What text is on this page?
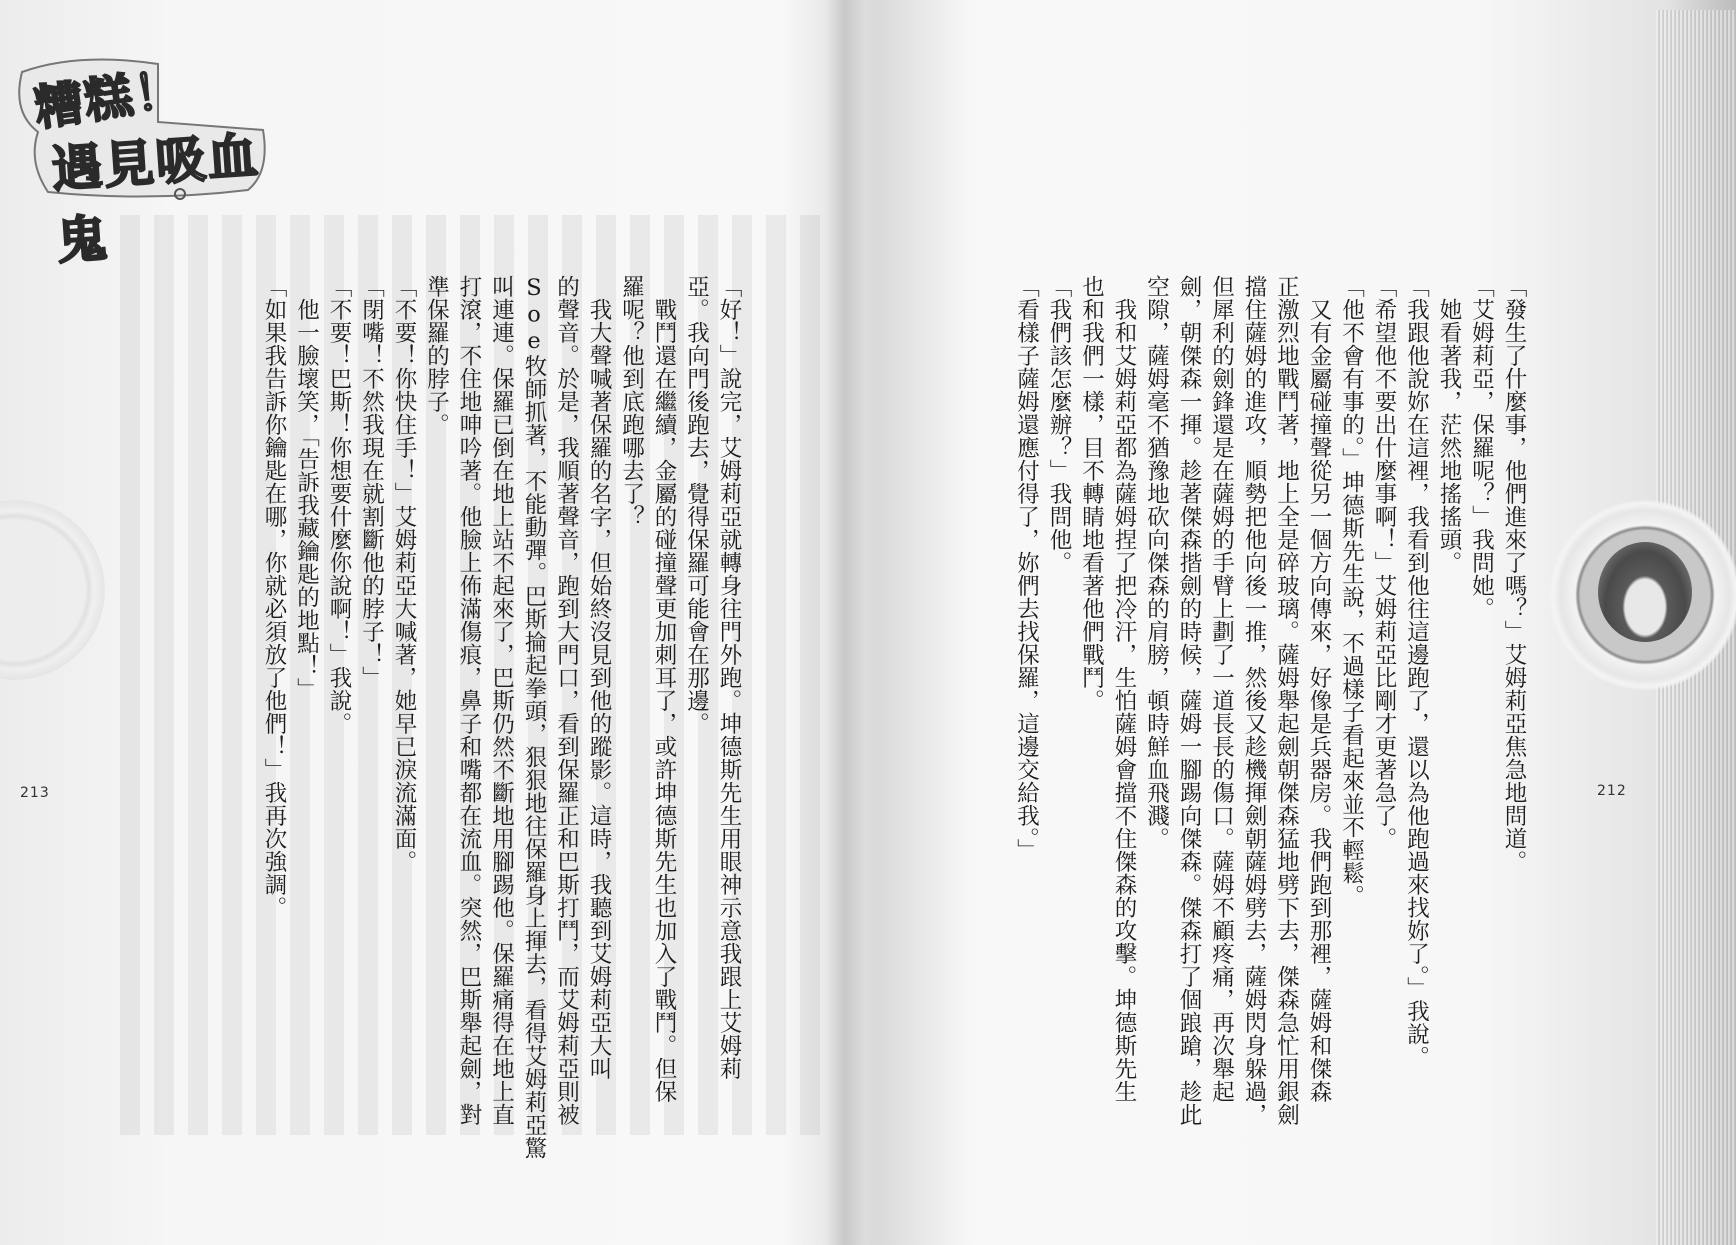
糟糕！
遇見吸血鬼
「好！」說完，艾姆莉亞就轉身往門外跑。坤德斯先生用眼神示意我跟上艾姆莉
亞。我向門後跑去，覺得保羅可能會在那邊。
　戰鬥還在繼續，金屬的碰撞聲更加刺耳了，或許坤德斯先生也加入了戰鬥。但保
羅呢？他到底跑哪去了？
　我大聲喊著保羅的名字，但始終沒見到他的蹤影。這時，我聽到艾姆莉亞大叫
的聲音。於是，我順著聲音，跑到大門口，看到保羅正和巴斯打鬥，而艾姆莉亞則被
Soe牧師抓著，不能動彈。巴斯掄起拳頭，狠狠地往保羅身上揮去，看得艾姆莉亞驚
叫連連。保羅已倒在地上站不起來了，巴斯仍然不斷地用腳踢他。保羅痛得在地上直
打滾，不住地呻吟著。他臉上佈滿傷痕，鼻子和嘴都在流血。突然，巴斯舉起劍，對
準保羅的脖子。
「不要！你快住手！」艾姆莉亞大喊著，她早已淚流滿面。
「閉嘴！不然我現在就割斷他的脖子！」
「不要！巴斯！你想要什麼你說啊！」我說。
　他一臉壞笑，「告訴我藏鑰匙的地點！」
「如果我告訴你鑰匙在哪，你就必須放了他們！」我再次強調。
213
 	「發生了什麼事，他們進來了嗎？」艾姆莉亞焦急地問道。
「艾姆莉亞，保羅呢？」我問她。
　她看著我，茫然地搖搖頭。
「我跟他說妳在這裡，我看到他往這邊跑了，還以為他跑過來找妳了。」我說。
「希望他不要出什麼事啊！」艾姆莉亞比剛才更著急了。
「他不會有事的。」坤德斯先生說，不過樣子看起來並不輕鬆。
　又有金屬碰撞聲從另一個方向傳來，好像是兵器房。我們跑到那裡，薩姆和傑森
正激烈地戰鬥著，地上全是碎玻璃。薩姆舉起劍朝傑森猛地劈下去，傑森急忙用銀劍
擋住薩姆的進攻，順勢把他向後一推，然後又趁機揮劍朝薩姆劈去，薩姆閃身躲過，
但犀利的劍鋒還是在薩姆的手臂上劃了一道長長的傷口。薩姆不顧疼痛，再次舉起
劍，朝傑森一揮。趁著傑森揩劍的時候，薩姆一腳踢向傑森。傑森打了個踉蹌，趁此
空隙，薩姆毫不猶豫地砍向傑森的肩膀，頓時鮮血飛濺。
　我和艾姆莉亞都為薩姆捏了把冷汗，生怕薩姆會擋不住傑森的攻擊。坤德斯先生
也和我們一樣，目不轉睛地看著他們戰鬥。
「我們該怎麼辦？」我問他。
「看樣子薩姆還應付得了，妳們去找保羅，這邊交給我。」	212
